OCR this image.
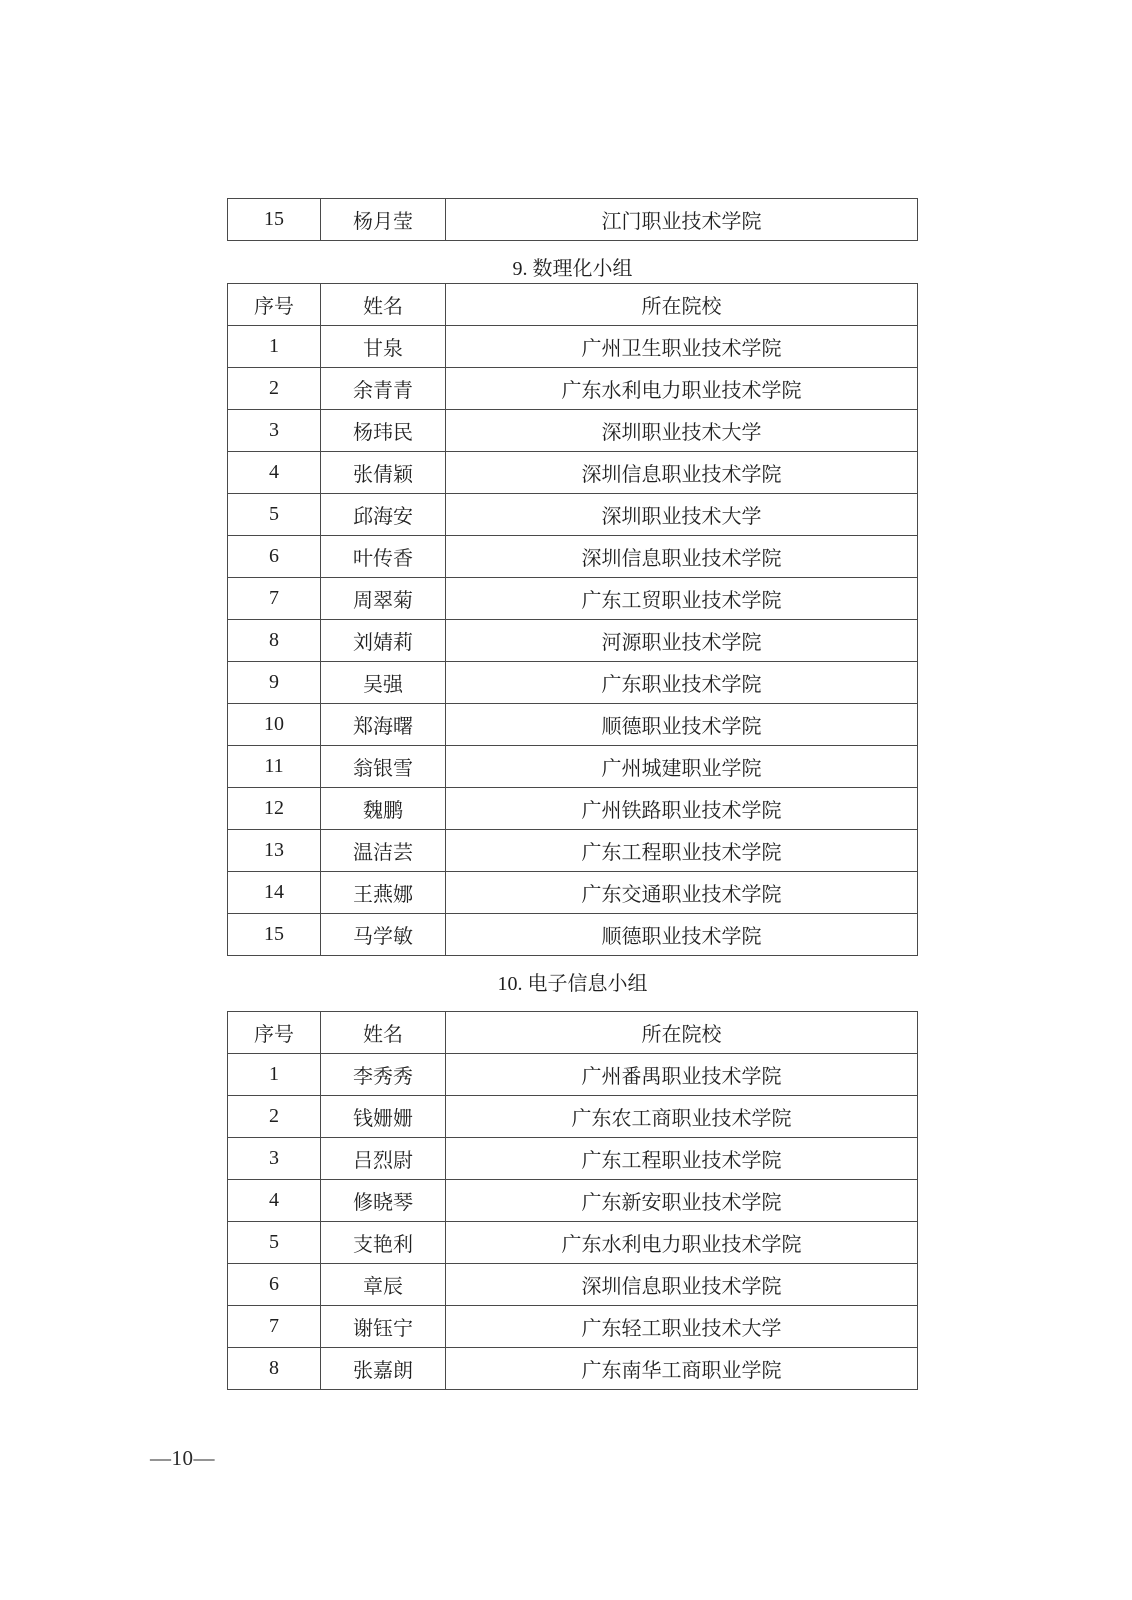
15	杨月莹	江门职业技术学院
9. 数理化小组
序号	姓名	所在院校
1	甘泉	广州卫生职业技术学院
2	余青青	广东水利电力职业技术学院
3	杨玮民	深圳职业技术大学
4	张倩颖	深圳信息职业技术学院
5	邱海安	深圳职业技术大学
6	叶传香	深圳信息职业技术学院
7	周翠菊	广东工贸职业技术学院
8	刘婧莉	河源职业技术学院
9	吴强	广东职业技术学院
10	郑海曙	顺德职业技术学院
11	翁银雪	广州城建职业学院
12	魏鹏	广州铁路职业技术学院
13	温洁芸	广东工程职业技术学院
14	王燕娜	广东交通职业技术学院
15	马学敏	顺德职业技术学院
10. 电子信息小组
序号	姓名	所在院校
1	李秀秀	广州番禺职业技术学院
2	钱姗姗	广东农工商职业技术学院
3	吕烈尉	广东工程职业技术学院
4	修晓琴	广东新安职业技术学院
5	支艳利	广东水利电力职业技术学院
6	章辰	深圳信息职业技术学院
7	谢钰宁	广东轻工职业技术大学
8	张嘉朗	广东南华工商职业学院
—10—
